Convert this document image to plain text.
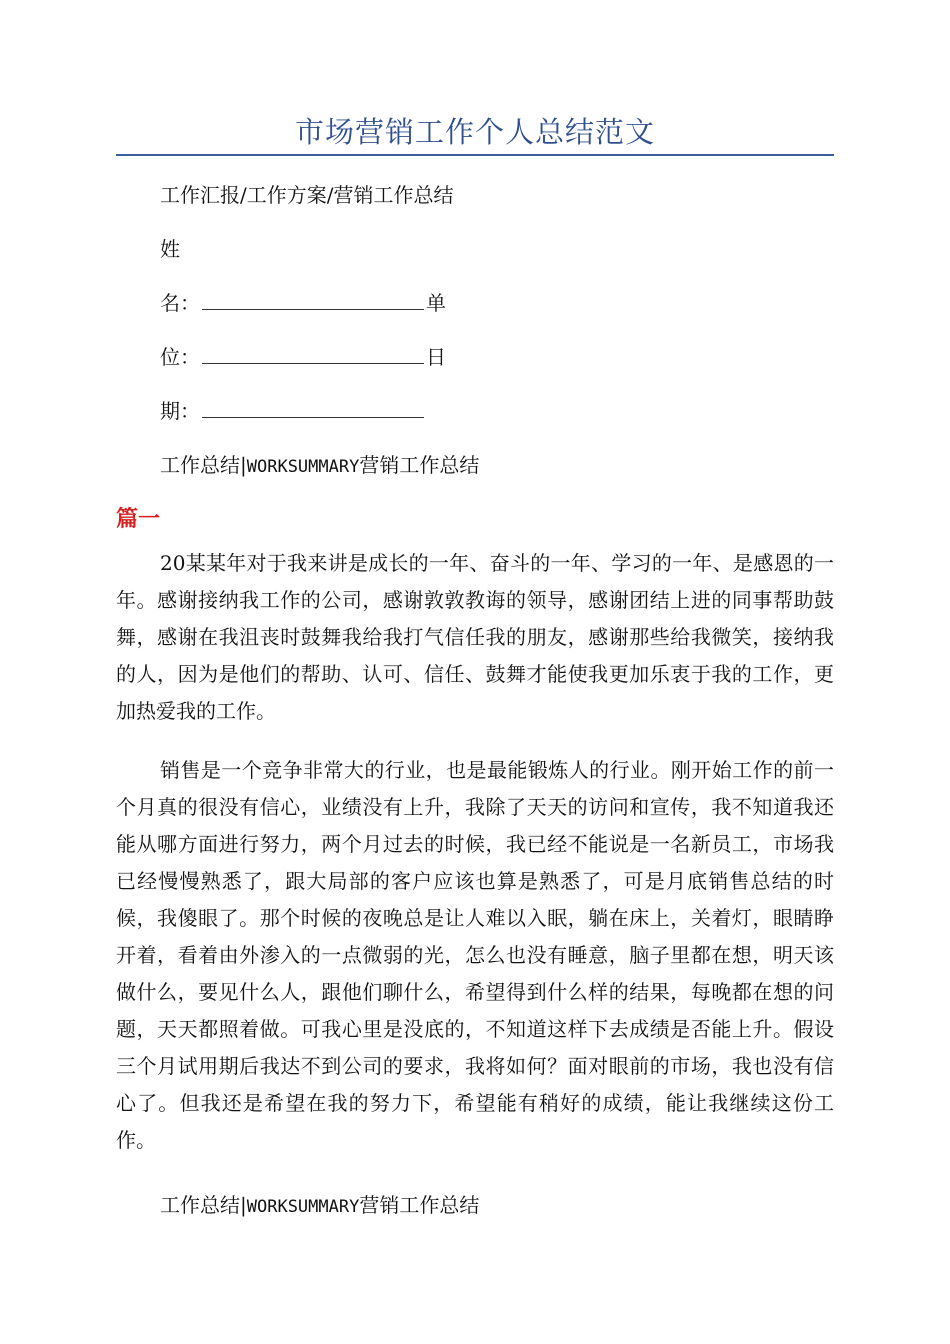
市场营销工作个人总结范文
工作汇报/工作方案/营销工作总结
姓
名：	单
位：	日
期：
工作总结|WORKSUMMARY营销工作总结
篇一
20某某年对于我来讲是成长的一年、奋斗的一年、学习的一年、是感恩的一年。感谢接纳我工作的公司，感谢敦敦教诲的领导，感谢团结上进的同事帮助鼓舞，感谢在我沮丧时鼓舞我给我打气信任我的朋友，感谢那些给我微笑，接纳我的人，因为是他们的帮助、认可、信任、鼓舞才能使我更加乐衷于我的工作，更加热爱我的工作。
销售是一个竞争非常大的行业，也是最能锻炼人的行业。刚开始工作的前一个月真的很没有信心，业绩没有上升，我除了天天的访问和宣传，我不知道我还能从哪方面进行努力，两个月过去的时候，我已经不能说是一名新员工，市场我已经慢慢熟悉了，跟大局部的客户应该也算是熟悉了，可是月底销售总结的时候，我傻眼了。那个时候的夜晚总是让人难以入眠，躺在床上，关着灯，眼睛睁开着，看着由外渗入的一点微弱的光，怎么也没有睡意，脑子里都在想，明天该做什么，要见什么人，跟他们聊什么，希望得到什么样的结果，每晚都在想的问题，天天都照着做。可我心里是没底的，不知道这样下去成绩是否能上升。假设三个月试用期后我达不到公司的要求，我将如何？面对眼前的市场，我也没有信心了。但我还是希望在我的努力下，希望能有稍好的成绩，能让我继续这份工作。
工作总结|WORKSUMMARY营销工作总结
